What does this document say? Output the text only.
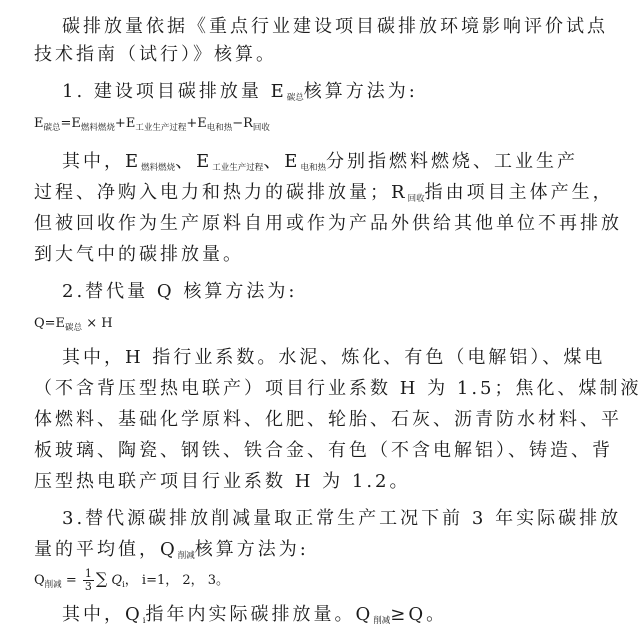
碳排放量依据《重点行业建设项目碳排放环境影响评价试点
技术指南（试行）》核算。
1. 建设项目碳排放量 $E_{碳总}$核算方法为:
$E_{碳总}=E_{燃料燃烧}+E_{工业生产过程}+E_{电和热}-R_{回收}$
其中，$E_{燃料燃烧}$、$E_{工业生产过程}$、$E_{电和热}$分别指燃料燃烧、工业生产
过程、净购入电力和热力的碳排放量；$R_{回收}$指由项目主体产生，
但被回收作为生产原料自用或作为产品外供给其他单位不再排放
到大气中的碳排放量。
2.替代量 Q 核算方法为:
$Q=E_{碳总} \times H$
其中，H 指行业系数。水泥、炼化、有色（电解铝）、煤电
（不含背压型热电联产）项目行业系数 H 为 1.5；焦化、煤制液
体燃料、基础化学原料、化肥、轮胎、石灰、沥青防水材料、平
板玻璃、陶瓷、钢铁、铁合金、有色（不含电解铝）、铸造、背
压型热电联产项目行业系数 H 为 1.2。
3.替代源碳排放削减量取正常生产工况下前 3 年实际碳排放
量的平均值，$Q_{削减}$核算方法为:
$Q_{削减} = \frac{1}{3}$ ∑ $Q_i$， i=1， 2， 3。
其中，$Q_i$指年内实际碳排放量。$Q_{削减}\ge Q$。
